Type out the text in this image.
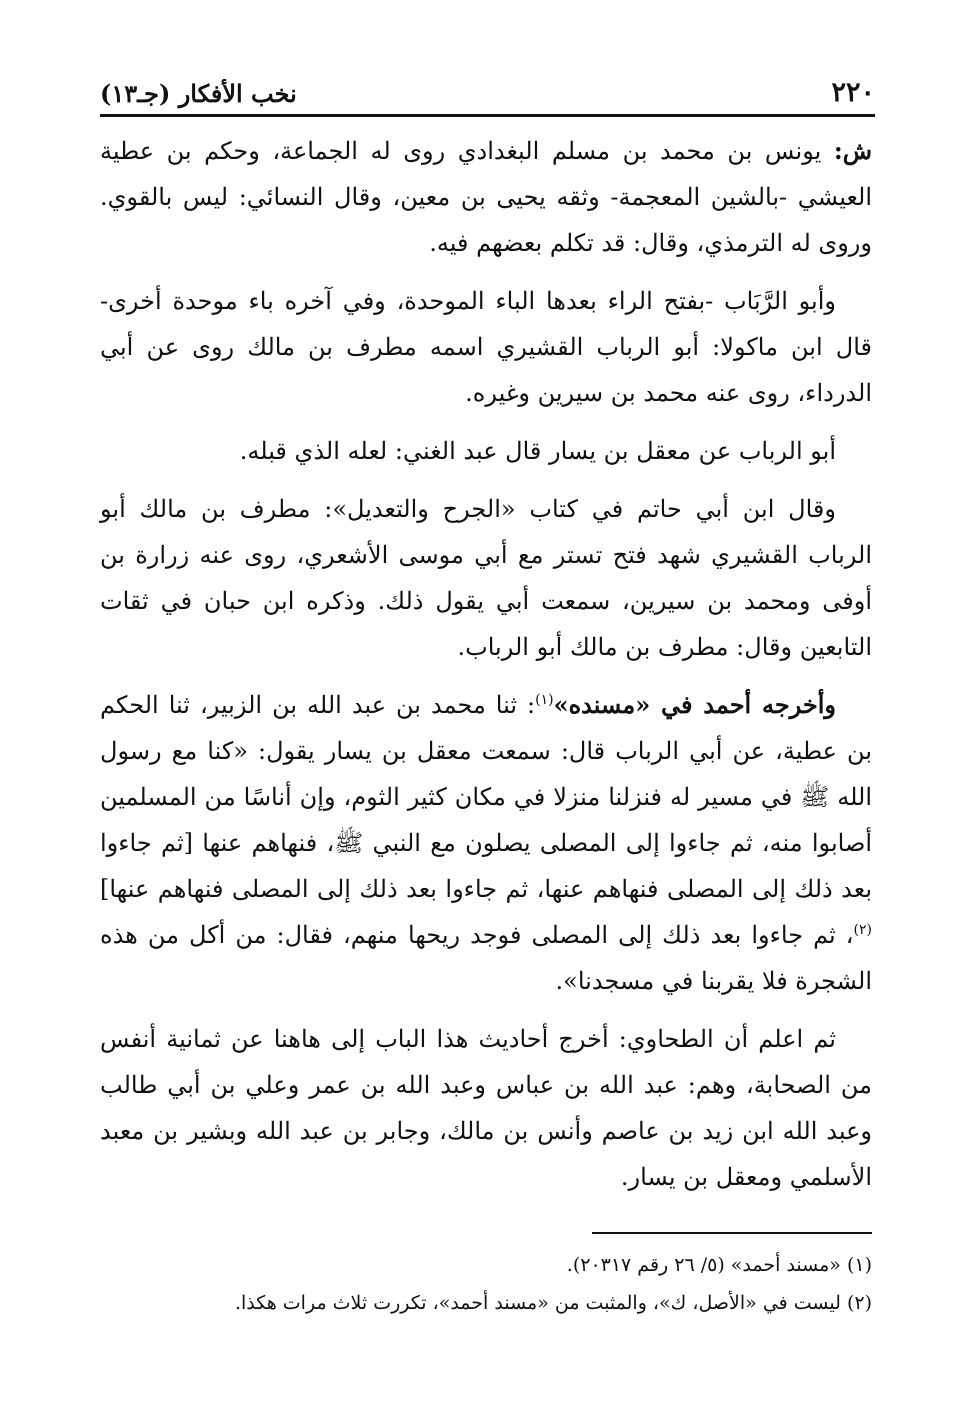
٢٢٠
نخب الأفكار (جـ١٣)

ش: يونس بن محمد بن مسلم البغدادي روى له الجماعة، وحكم بن عطية العيشي -بالشين المعجمة- وثقه يحيى بن معين، وقال النسائي: ليس بالقوي. وروى له الترمذي، وقال: قد تكلم بعضهم فيه.

وأبو الرَّبَاب -بفتح الراء بعدها الباء الموحدة، وفي آخره باء موحدة أخرى- قال ابن ماكولا: أبو الرباب القشيري اسمه مطرف بن مالك روى عن أبي الدرداء، روى عنه محمد بن سيرين وغيره.

أبو الرباب عن معقل بن يسار قال عبد الغني: لعله الذي قبله.

وقال ابن أبي حاتم في كتاب «الجرح والتعديل»: مطرف بن مالك أبو الرباب القشيري شهد فتح تستر مع أبي موسى الأشعري، روى عنه زرارة بن أوفى ومحمد بن سيرين، سمعت أبي يقول ذلك. وذكره ابن حبان في ثقات التابعين وقال: مطرف بن مالك أبو الرباب.

وأخرجه أحمد في «مسنده»$^{(١)}$: ثنا محمد بن عبد الله بن الزبير، ثنا الحكم بن عطية، عن أبي الرباب قال: سمعت معقل بن يسار يقول: «كنا مع رسول الله ﷺ في مسير له فنزلنا منزلا في مكان كثير الثوم، وإن أناسًا من المسلمين أصابوا منه، ثم جاءوا إلى المصلى يصلون مع النبي ﷺ، فنهاهم عنها [ثم جاءوا بعد ذلك إلى المصلى فنهاهم عنها، ثم جاءوا بعد ذلك إلى المصلى فنهاهم عنها]$^{(٢)}$، ثم جاءوا بعد ذلك إلى المصلى فوجد ريحها منهم، فقال: من أكل من هذه الشجرة فلا يقربنا في مسجدنا».

ثم اعلم أن الطحاوي: أخرج أحاديث هذا الباب إلى هاهنا عن ثمانية أنفس من الصحابة، وهم: عبد الله بن عباس وعبد الله بن عمر وعلي بن أبي طالب وعبد الله ابن زيد بن عاصم وأنس بن مالك، وجابر بن عبد الله وبشير بن معبد الأسلمي ومعقل بن يسار.

(١) «مسند أحمد» (٥/ ٢٦ رقم ٢٠٣١٧).

(٢) ليست في «الأصل، ك»، والمثبت من «مسند أحمد»، تكررت ثلاث مرات هكذا.
